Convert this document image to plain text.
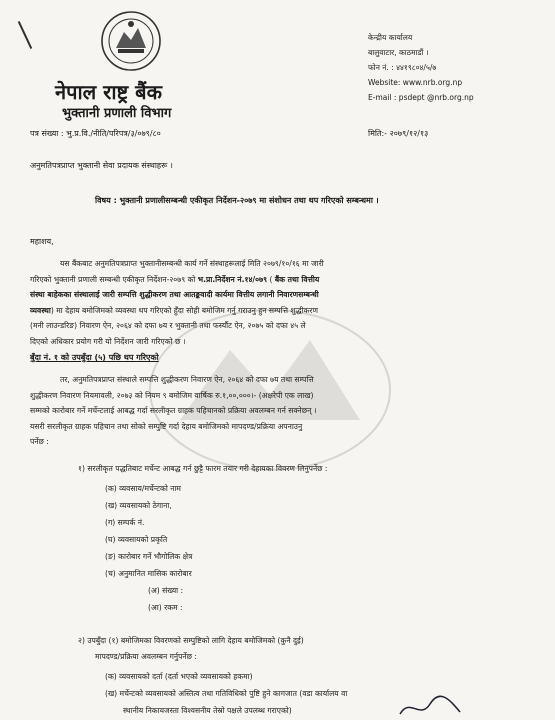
नेपाल राष्ट्र बैंक
भुक्तानी प्रणाली विभाग
केन्द्रीय कार्यालय
बालुवाटार, काठमाडौं ।
फोन नं. : ४४१९८०४/५/७
Website: www.nrb.org.np
E-mail : psdept @nrb.org.np
पत्र संख्या : भु.प्र.वि./नीति/परिपत्र/३/०७९/८०	मिति:- २०७९/१२/१३
अनुमतिपत्रप्राप्त भुक्तानी सेवा प्रदायक संस्थाहरू ।
विषय : भुक्तानी प्रणालीसम्बन्धी एकीकृत निर्देशन-२०७९ मा संशोधन तथा थप गरिएको सम्बन्धमा ।
महाशय,
यस बैंकबाट अनुमतिपत्रप्राप्त भुक्तानीसम्बन्धी कार्य गर्ने संस्थाहरूलाई मिति २०७९/१०/१६ मा जारी
गरिएको भुक्तानी प्रणाली सम्बन्धी एकीकृत निर्देशन-२०७९ को भ.प्रा.निर्देशन नं.१४/०७९ ( बैंक तथा वित्तीय
संस्था बाहेकका संस्थालाई जारी सम्पत्ति शुद्धीकरण तथा आतङ्कवादी कार्यमा वित्तीय लगानी निवारणसम्बन्धी
व्यवस्था) मा देहाय बमोजिमको व्यवस्था थप गरिएको हुँदा सोही बमोजिम गर्नु गराउनु हुन सम्पत्ति शुद्धीकरण
(मनी लाउन्डरिङ) निवारण ऐन, २०६४ को दफा ७य र भुक्तानी तथा फर्स्यौट ऐन, २०७५ को दफा ४५ ले
दिएको अधिकार प्रयोग गरी यो निर्देशन जारी गरिएको छ ।
बुँदा नं. १ को उपबुँदा (५) पछि थप गरिएको
तर, अनुमतिपत्रप्राप्त संस्थाले सम्पत्ति शुद्धीकरण निवारण ऐन, २०६४ को दफा ७य तथा सम्पत्ति
शुद्धीकरण निवारण नियमावली, २०७३ को नियम ९ बमोजिम वार्षिक रु.१,००,०००।- (अक्षरेपी एक लाख)
सम्मको कारोबार गर्ने मर्चेन्टलाई आबद्ध गर्दा सरलीकृत ग्राहक पहिचानको प्रक्रिया अवलम्बन गर्न सक्नेछन् ।
यसरी सरलीकृत ग्राहक पहिचान तथा सोको सम्पुष्टि गर्दा देहाय बमोजिमको मापदण्ड/प्रक्रिया अपनाउनु
पर्नेछ :
१) सरलीकृत पद्धतिबाट मर्चेन्ट आबद्ध गर्न छुट्टै फारम तयार गरी देहायका विवरण लिनुपर्नेछ :
(क) व्यवसाय/मर्चेन्टको नाम
(ख) व्यवसायको ठेगाना,
(ग) सम्पर्क नं.
(घ) व्यवसायको प्रकृति
(ङ) कारोबार गर्ने भौगोलिक क्षेत्र
(च) अनुमानित मासिक कारोबार
(अ) संख्या :
(आ) रकम :
२) उपबुँदा (१) बमोजिमका विवरणको सम्पुष्टिको लागि देहाय बमोजिमको (कुनै दुई)
मापदण्ड/प्रक्रिया अवलम्बन गर्नुपर्नेछ :
(क) व्यवसायको दर्ता (दर्ता भएको व्यवसायको हकमा)
(ख) मर्चेन्टको व्यवसायको अस्तित्व तथा गतिविधिको पुष्टि हुने कागजात (वडा कार्यालय वा
स्थानीय निकायजस्ता विश्वसनीय तेस्रो पक्षले उपलब्ध गराएको)
